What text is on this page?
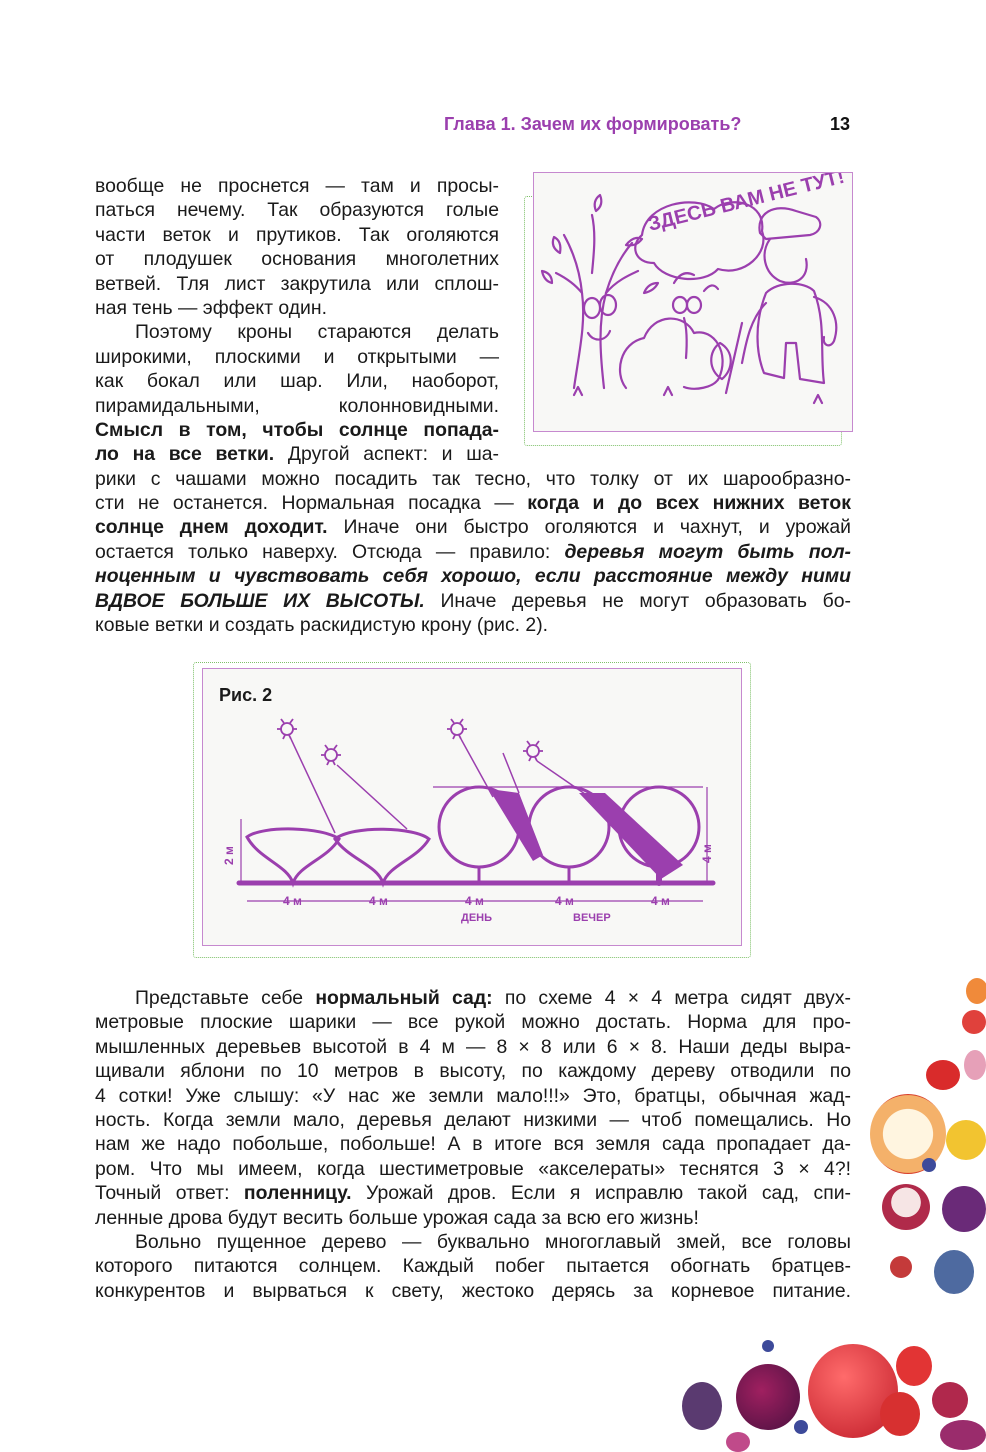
Глава 1. Зачем их формировать?	13
ЗДЕСЬ ВАМ НЕ ТУТ!
вообще не проснется — там и просы-
паться нечему. Так образуются голые
части веток и прутиков. Так оголяются
от плодушек основания многолетних
ветвей. Тля лист закрутила или сплош-
ная тень — эффект один.
Поэтому кроны стараются делать
широкими, плоскими и открытыми —
как бокал или шар. Или, наоборот,
пирамидальными, колонновидными.
Смысл в том, чтобы солнце попада-
ло на все ветки. Другой аспект: и ша-
рики с чашами можно посадить так тесно, что толку от их шарообразно-
сти не останется. Нормальная посадка — когда и до всех нижних веток
солнце днем доходит. Иначе они быстро оголяются и чахнут, и урожай
остается только наверху. Отсюда — правило: деревья могут быть пол-
ноценным и чувствовать себя хорошо, если расстояние между ними
ВДВОЕ БОЛЬШЕ ИХ ВЫСОТЫ. Иначе деревья не могут образовать бо-
ковые ветки и создать раскидистую крону (рис. 2).
Рис. 2
2 м	4 м
4 м	4 м	4 м	4 м	4 м
ДЕНЬ	ВЕЧЕР
Представьте себе нормальный сад: по схеме 4 × 4 метра сидят двух-
метровые плоские шарики — все рукой можно достать. Норма для про-
мышленных деревьев высотой в 4 м — 8 × 8 или 6 × 8. Наши деды выра-
щивали яблони по 10 метров в высоту, по каждому дереву отводили по
4 сотки! Уже слышу: «У нас же земли мало!!!» Это, братцы, обычная жад-
ность. Когда земли мало, деревья делают низкими — чтоб помещались. Но
нам же надо побольше, побольше! А в итоге вся земля сада пропадает да-
ром. Что мы имеем, когда шестиметровые «акселераты» теснятся 3 × 4?!
Точный ответ: поленницу. Урожай дров. Если я исправлю такой сад, спи-
ленные дрова будут весить больше урожая сада за всю его жизнь!
Вольно пущенное дерево — буквально многоглавый змей, все головы
которого питаются солнцем. Каждый побег пытается обогнать братцев-
конкурентов и вырваться к свету, жестоко дерясь за корневое питание.
